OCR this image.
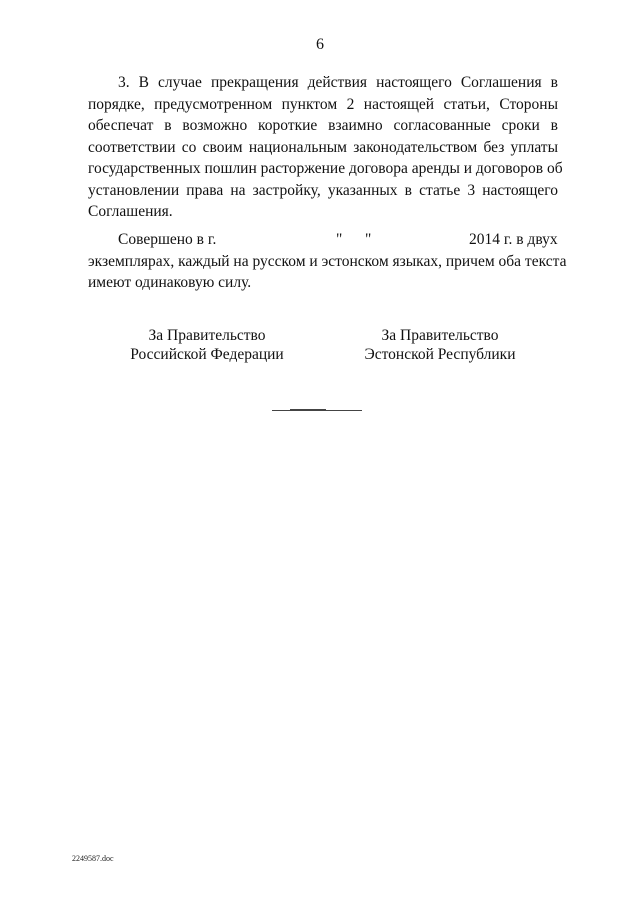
6
3. В случае прекращения действия настоящего Соглашения в
порядке, предусмотренном пунктом 2 настоящей статьи, Стороны
обеспечат в возможно короткие взаимно согласованные сроки в
соответствии со своим национальным законодательством без уплаты
государственных пошлин расторжение договора аренды и договоров об
установлении права на застройку, указанных в статье 3 настоящего
Соглашения.
Совершено в г.	" "	2014 г. в двух
экземплярах, каждый на русском и эстонском языках, причем оба текста
имеют одинаковую силу.
За Правительство
Российской Федерации
За Правительство
Эстонской Республики
2249587.doc
